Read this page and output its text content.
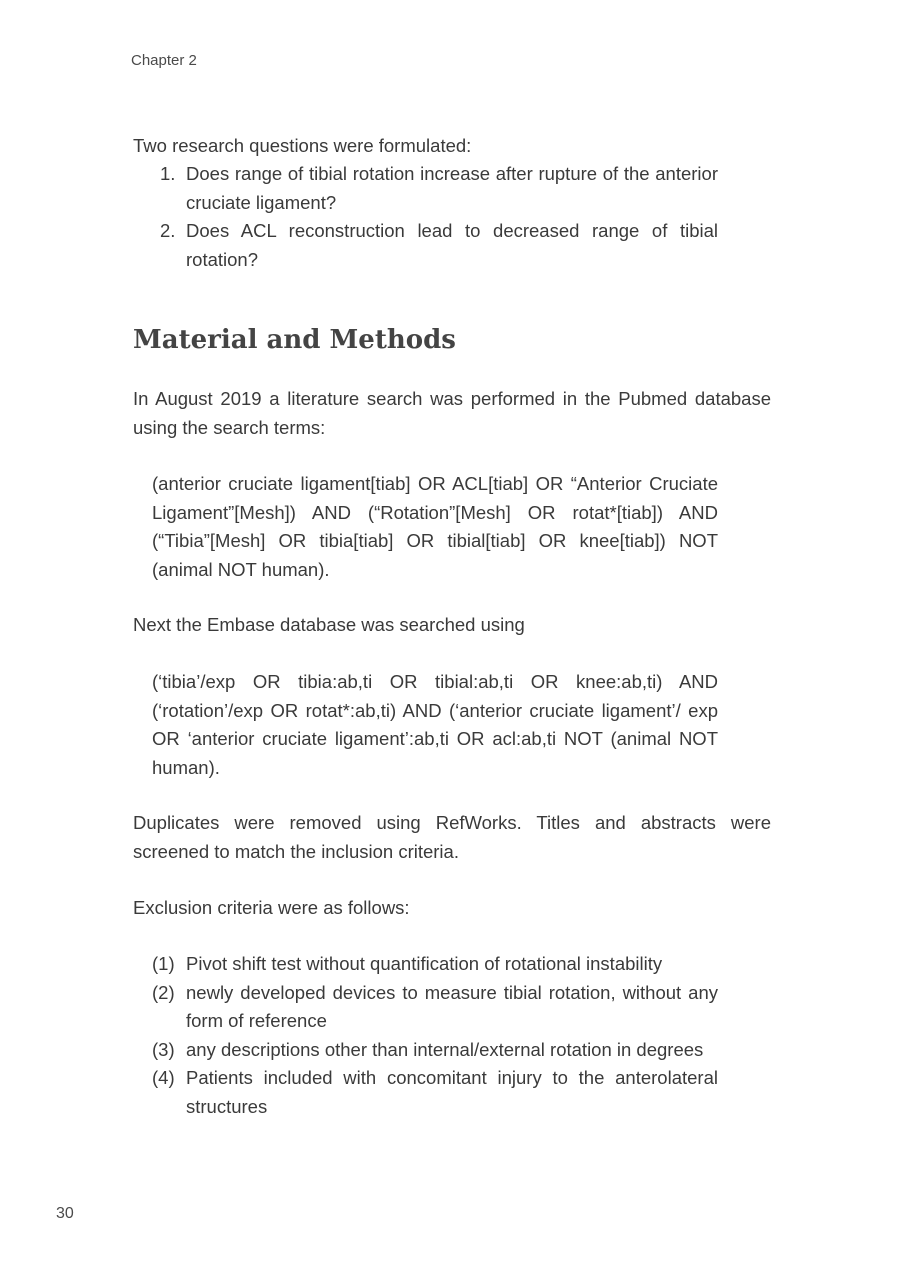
Chapter 2

Two research questions were formulated:

1. Does range of tibial rotation increase after rupture of the anterior cruciate ligament?
2. Does ACL reconstruction lead to decreased range of tibial rotation?
Material and Methods

In August 2019 a literature search was performed in the Pubmed database using the search terms:

(anterior cruciate ligament[tiab] OR ACL[tiab] OR “Anterior Cruciate Ligament”[Mesh]) AND (“Rotation”[Mesh] OR rotat*[tiab]) AND (“Tibia”[Mesh] OR tibia[tiab] OR tibial[tiab] OR knee[tiab]) NOT (animal NOT human).

Next the Embase database was searched using

(‘tibia’/exp OR tibia:ab,ti OR tibial:ab,ti OR knee:ab,ti) AND (‘rotation’/exp OR rotat*:ab,ti) AND (‘anterior cruciate ligament’/ exp OR ‘anterior cruciate ligament’:ab,ti OR acl:ab,ti NOT (animal NOT human).

Duplicates were removed using RefWorks. Titles and abstracts were screened to match the inclusion criteria.

Exclusion criteria were as follows:

(1) Pivot shift test without quantification of rotational instability
(2) newly developed devices to measure tibial rotation, without any form of reference
(3) any descriptions other than internal/external rotation in degrees
(4) Patients included with concomitant injury to the anterolateral structures
30
